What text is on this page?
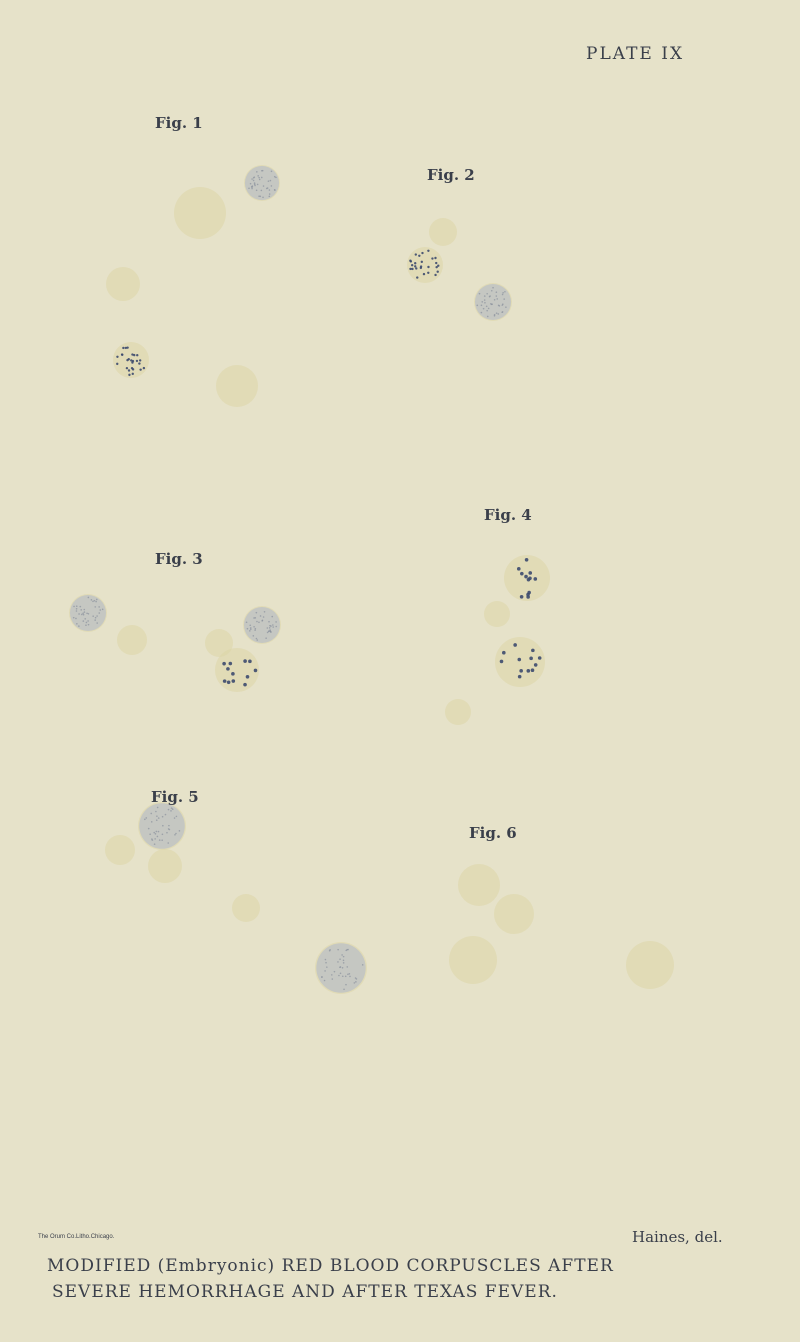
PLATE IX

Fig. 1

Fig. 2

Fig. 3

Fig. 4

Fig. 5

Fig. 6

The Orum Co.Litho.Chicago.	Haines, del.

MODIFIED (Embryonic) RED BLOOD CORPUSCLES AFTER

SEVERE HEMORRHAGE AND AFTER TEXAS FEVER.
